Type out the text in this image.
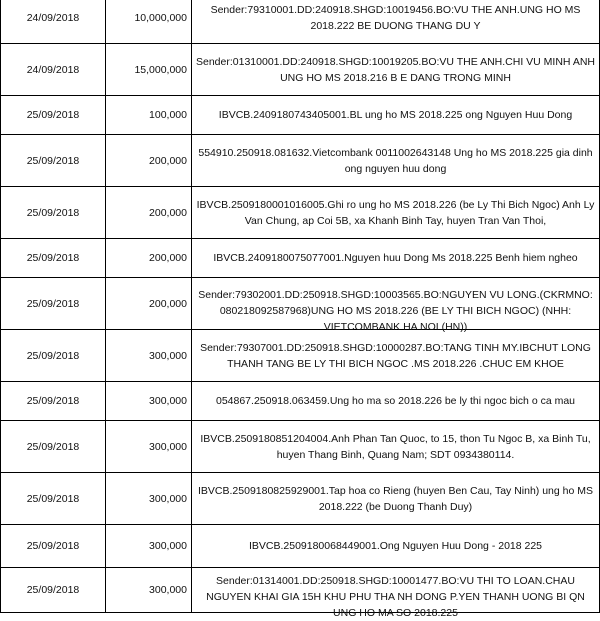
24/09/2018	10,000,000	Sender:79310001.DD:240918.SHGD:10019456.BO:VU THE ANH.UNG HO MS 2018.222 BE DUONG THANG DU Y

24/09/2018	15,000,000	Sender:01310001.DD:240918.SHGD:10019205.BO:VU THE ANH.CHI VU MINH ANH UNG HO MS 2018.216 B E DANG TRONG MINH

25/09/2018	100,000	IBVCB.2409180743405001.BL ung ho MS 2018.225 ong Nguyen Huu Dong

25/09/2018	200,000	554910.250918.081632.Vietcombank 0011002643148 Ung ho MS 2018.225 gia dinh ong nguyen huu dong

25/09/2018	200,000	IBVCB.2509180001016005.Ghi ro ung ho MS 2018.226 (be Ly Thi Bich Ngoc) Anh Ly Van Chung, ap Coi 5B, xa Khanh Binh Tay, huyen Tran Van Thoi,

25/09/2018	200,000	IBVCB.2409180075077001.Nguyen huu Dong Ms 2018.225 Benh hiem ngheo

25/09/2018	200,000	Sender:79302001.DD:250918.SHGD:10003565.BO:NGUYEN VU LONG.(CKRMNO: 080218092587968)UNG HO MS 2018.226 (BE LY THI BICH NGOC) (NHH: VIETCOMBANK HA NOI (HN))

25/09/2018	300,000	Sender:79307001.DD:250918.SHGD:10000287.BO:TANG TINH MY.IBCHUT LONG THANH TANG BE LY THI BICH NGOC .MS 2018.226 .CHUC EM KHOE

25/09/2018	300,000	054867.250918.063459.Ung ho ma so 2018.226 be ly thi ngoc bich o ca mau

25/09/2018	300,000	IBVCB.2509180851204004.Anh Phan Tan Quoc, to 15, thon Tu Ngoc B, xa Binh Tu, huyen Thang Binh, Quang Nam; SDT 0934380114.

25/09/2018	300,000	IBVCB.2509180825929001.Tap hoa co Rieng (huyen Ben Cau, Tay Ninh) ung ho MS 2018.222 (be Duong Thanh Duy)

25/09/2018	300,000	IBVCB.2509180068449001.Ong Nguyen Huu Dong - 2018 225

25/09/2018	300,000	Sender:01314001.DD:250918.SHGD:10001477.BO:VU THI TO LOAN.CHAU NGUYEN KHAI GIA 15H KHU PHU THA NH DONG P.YEN THANH UONG BI QN UNG HO MA SO 2018.225
